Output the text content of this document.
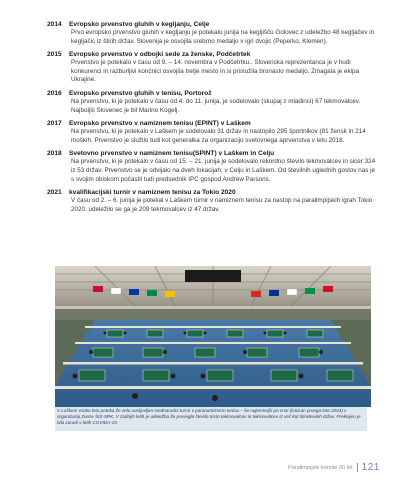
2014	Evropsko prvenstvo gluhih v kegljanju, Celje
Prvo evropsko prvenstvo gluhih v kegljanju je potekalo junija na kegljišču Golovec z udeležbo 48 kegljačev in kegljačic iz štirih držav. Slovenija je osvojila srebrno medaljo v igri dvojic (Peperko, Klemen).
2015	Evropsko prvenstvo v odbojki sede za ženske, Podčetrtek
Prvenstvo je potekalo v času od 9. – 14. novembra v Podčetrtku.. Slovenska reprezentanca je v hudi konkurenci in razburljivi končnici osvojila tretje mesto in si prislužila bronasto medaljo. Zmagala je ekipa Ukrajine.
2016	Evropsko prvenstvo gluhih v tenisu, Portorož
Na prvenstvu, ki je potekalo v času od 4. do 11. junija, je sodelovalo (skupaj z mladinci) 67 tekmovalcev. Najboljši Slovenec je bil Marino Kogelj.
2017	Evropsko prvenstvo v namiznem tenisu (EPINT) v Laškem
Na prvenstvu, ki je potekalo v Laškem je sodelovalo 31 držav in nastopilo 295 športnikov (81 žensk in 214 moških. Prvenstvo je služilo tudi kot generalka za organizacijo svetovnega aprvenstva v letu 2018.
2018	Svetovno prvenstvo v namiznem tenisu(SPINT) v Laškem in Celju
Na prvenstvu, ki je potekalo v času od 15. – 21. junija je sodelovalo rekordno število tekmovalcev in sicer 324 iz 53 držav. Prvenstvo se je odvijalo na dveh lokacijah, v Celju in Laškem. Od številnih uglednih gostov nas je s svojim obiskom počastil tudi predsednik IPC gospod Andrew Parsons.
2021	kvalifikacijski turnir v namiznem tenisu za Tokio 2020
V času od 2. – 6. junija je potekal v Laškem turnir v namiznem tenisu za nastop na paralimpijskih igrah Tokio 2020. udeležilo se ga je 209 tekmovalcev iz 47 držav.

V Laškem vsako leto poteka že zelo uveljavljen mednarodni turnir v paranamiznem tenisu – še najemnejši po vrsti (iniciran prvega leta 2004) v organizaciji Zveze ŠIS-SPK. V zadnjih letih je udeležba že presegla število tristo tekmovalcev in tekmovalcev iz več kot štiridesetih držav. Prekinjen je bila zaradi v letih COVIDA-19.

Paralimpijski komite 60 let 121
